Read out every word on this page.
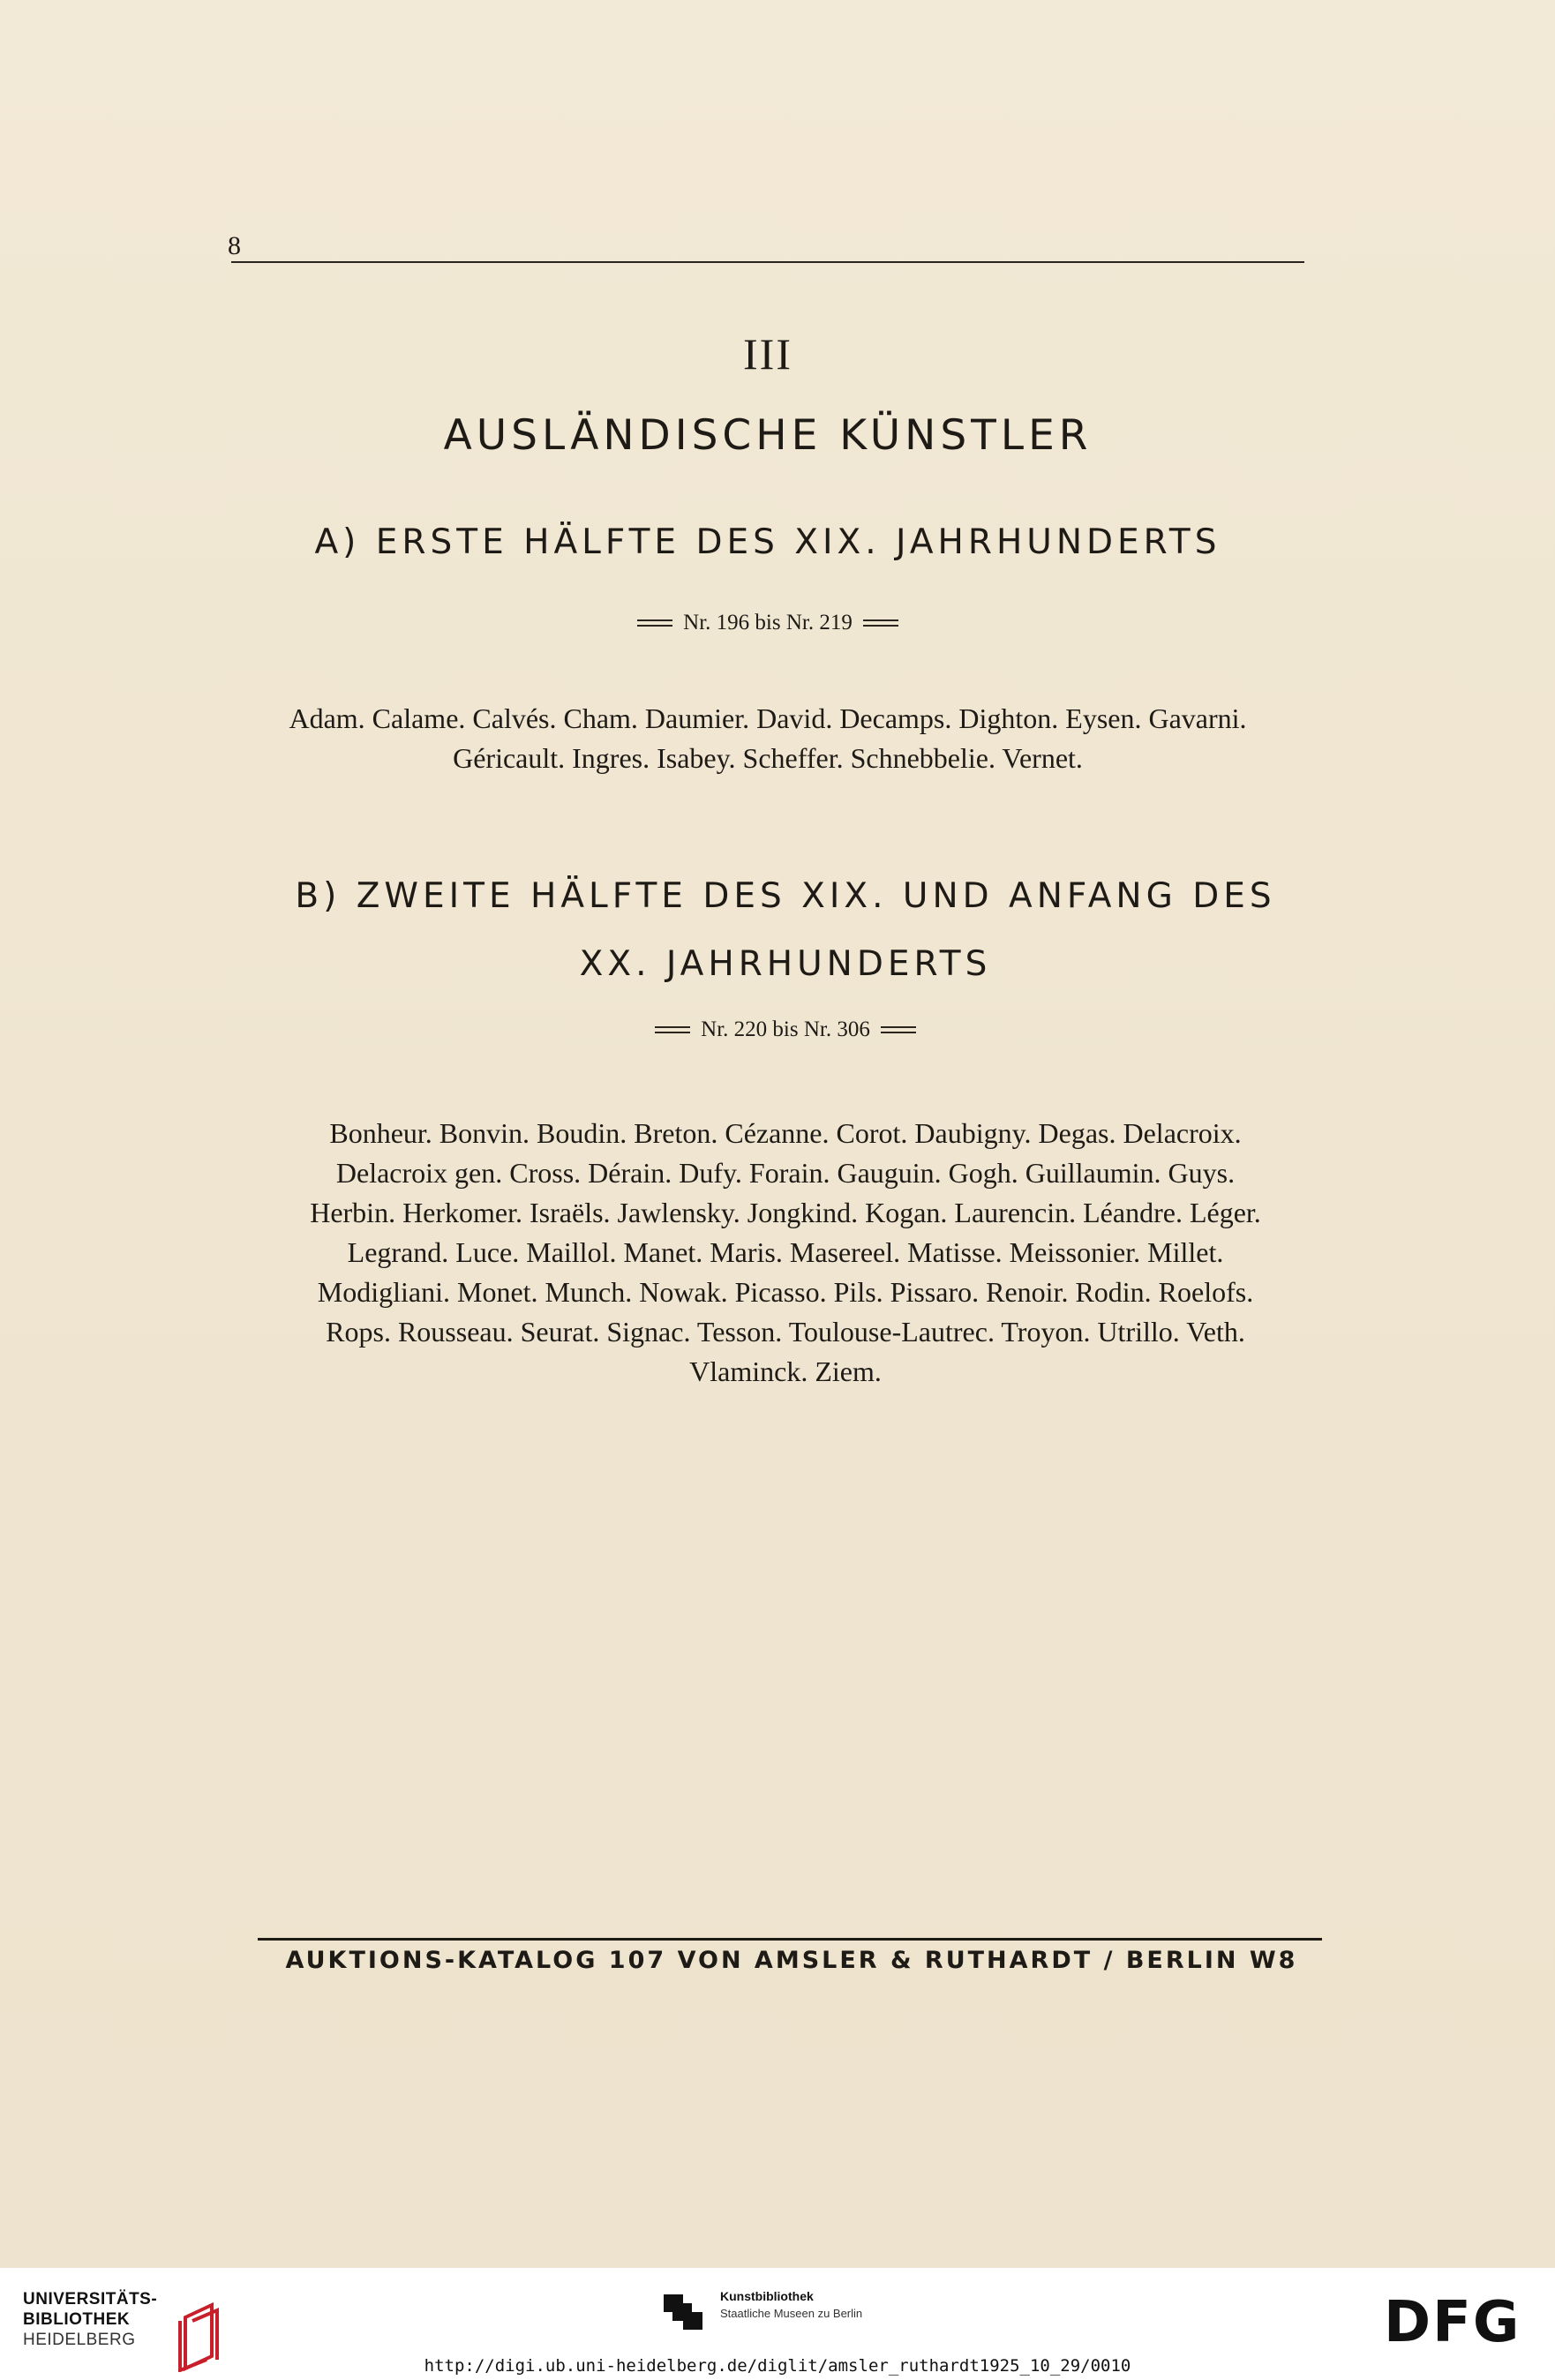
8
III
AUSLÄNDISCHE KÜNSTLER
A) ERSTE HÄLFTE DES XIX. JAHRHUNDERTS
Nr. 196 bis Nr. 219
Adam. Calame. Calvés. Cham. Daumier. David. Decamps. Dighton. Eysen. Gavarni.
Géricault. Ingres. Isabey. Scheffer. Schnebbelie. Vernet.
B) ZWEITE HÄLFTE DES XIX. UND ANFANG DES
XX. JAHRHUNDERTS
Nr. 220 bis Nr. 306
Bonheur. Bonvin. Boudin. Breton. Cézanne. Corot. Daubigny. Degas. Delacroix.
Delacroix gen. Cross. Dérain. Dufy. Forain. Gauguin. Gogh. Guillaumin. Guys.
Herbin. Herkomer. Israëls. Jawlensky. Jongkind. Kogan. Laurencin. Léandre. Léger.
Legrand. Luce. Maillol. Manet. Maris. Masereel. Matisse. Meissonier. Millet.
Modigliani. Monet. Munch. Nowak. Picasso. Pils. Pissaro. Renoir. Rodin. Roelofs.
Rops. Rousseau. Seurat. Signac. Tesson. Toulouse-Lautrec. Troyon. Utrillo. Veth.
Vlaminck. Ziem.
AUKTIONS-KATALOG 107 VON AMSLER & RUTHARDT / BERLIN W8
UNIVERSITÄTS-
BIBLIOTHEK
HEIDELBERG
Kunstbibliothek
Staatliche Museen zu Berlin	DFG
http://digi.ub.uni-heidelberg.de/diglit/amsler_ruthardt1925_10_29/0010
